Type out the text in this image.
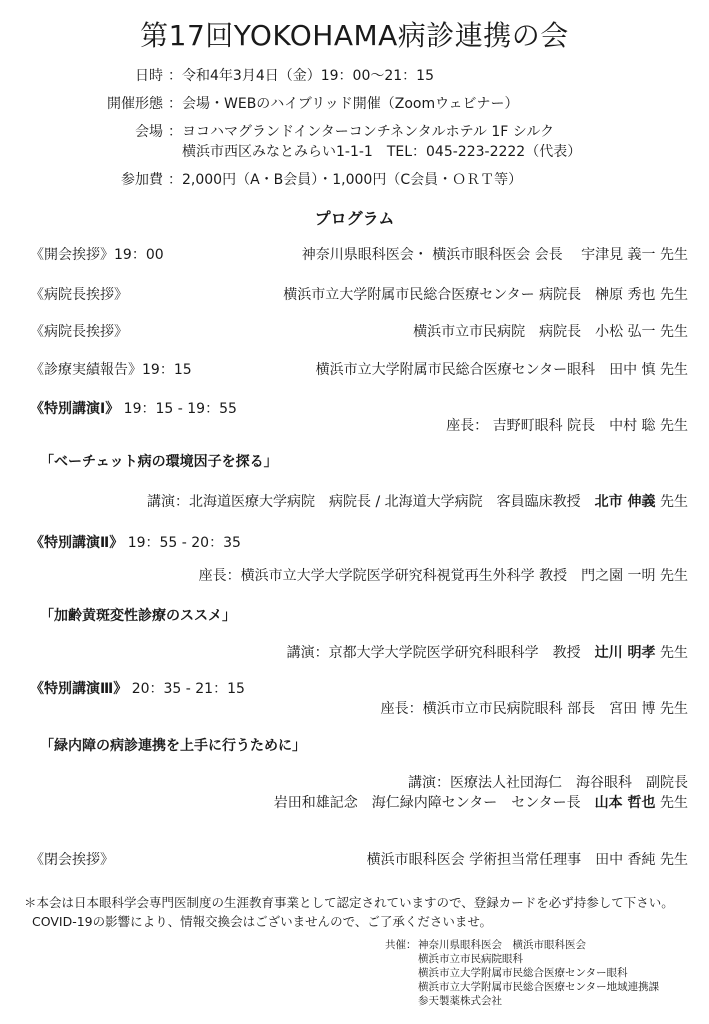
第17回YOKOHAMA病診連携の会
日時 ：令和4年3月4日（金）19：00〜21：15
開催形態 ：会場・WEBのハイブリッド開催（Zoomウェビナー）
会場 ：ヨコハマグランドインターコンチネンタルホテル 1F シルク
横浜市西区みなとみらい1-1-1　TEL：045-223-2222（代表）
参加費 ：2,000円（A・B会員）・1,000円（C会員・ＯＲＴ等）
プログラム
《開会挨拶》19：00	神奈川県眼科医会・ 横浜市眼科医会 会長　 宇津見 義一 先生
《病院長挨拶》	横浜市立大学附属市民総合医療センター 病院長　榊原 秀也 先生
《病院長挨拶》	横浜市立市民病院　病院長　小松 弘一 先生
《診療実績報告》19：15	横浜市立大学附属市民総合医療センター眼科　田中 慎 先生
《特別講演Ⅰ》 19：15 - 19：55
座長： 吉野町眼科 院長　中村 聡 先生
「ベーチェット病の環境因子を探る」
講演：北海道医療大学病院　病院長 / 北海道大学病院　客員臨床教授　北市 伸義 先生
《特別講演Ⅱ》 19：55 - 20：35
座長：横浜市立大学大学院医学研究科視覚再生外科学 教授　門之園 一明 先生
「加齢黄斑変性診療のススメ」
講演：京都大学大学院医学研究科眼科学　教授　辻川 明孝 先生
《特別講演Ⅲ》 20：35 - 21：15
座長：横浜市立市民病院眼科 部長　宮田 博 先生
「緑内障の病診連携を上手に行うために」
講演：医療法人社団海仁　海谷眼科　副院長
岩田和雄記念　海仁緑内障センター　センター長　山本 哲也 先生
《閉会挨拶》	横浜市眼科医会 学術担当常任理事　田中 香純 先生
＊本会は日本眼科学会専門医制度の生涯教育事業として認定されていますので、登録カードを必ず持参して下さい。
COVID-19の影響により、情報交換会はございませんので、ご了承くださいませ。
共催： 神奈川県眼科医会　横浜市眼科医会
横浜市立市民病院眼科
横浜市立大学附属市民総合医療センター眼科
横浜市立大学附属市民総合医療センター地域連携課
参天製薬株式会社
